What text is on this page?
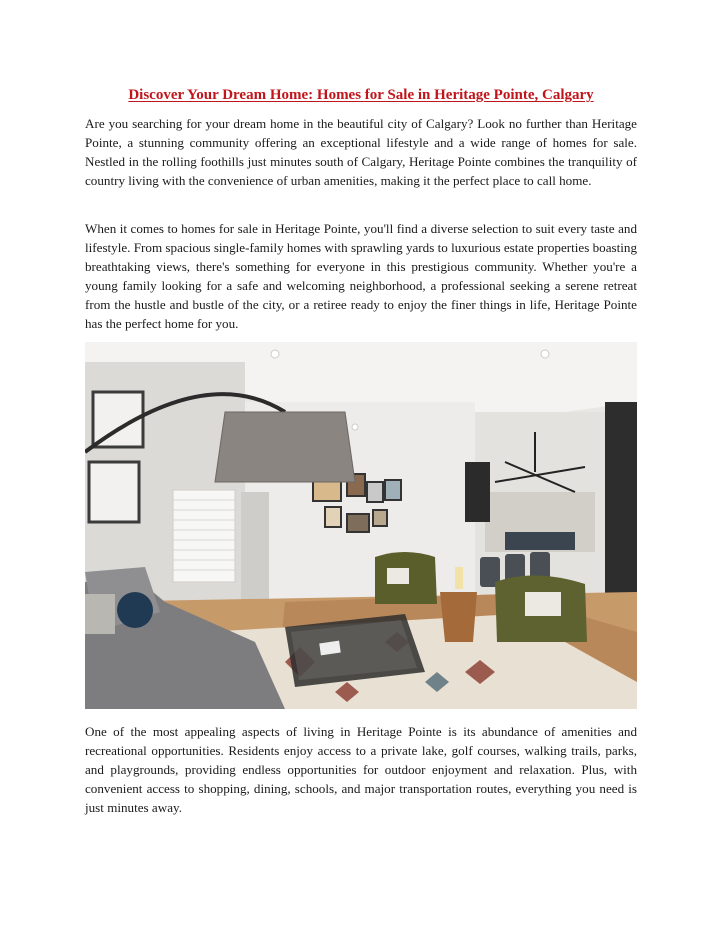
Discover Your Dream Home: Homes for Sale in Heritage Pointe, Calgary

Are you searching for your dream home in the beautiful city of Calgary? Look no further than Heritage Pointe, a stunning community offering an exceptional lifestyle and a wide range of homes for sale. Nestled in the rolling foothills just minutes south of Calgary, Heritage Pointe combines the tranquility of country living with the convenience of urban amenities, making it the perfect place to call home.

When it comes to homes for sale in Heritage Pointe, you'll find a diverse selection to suit every taste and lifestyle. From spacious single-family homes with sprawling yards to luxurious estate properties boasting breathtaking views, there's something for everyone in this prestigious community. Whether you're a young family looking for a safe and welcoming neighborhood, a professional seeking a serene retreat from the hustle and bustle of the city, or a retiree ready to enjoy the finer things in life, Heritage Pointe has the perfect home for you.

One of the most appealing aspects of living in Heritage Pointe is its abundance of amenities and recreational opportunities. Residents enjoy access to a private lake, golf courses, walking trails, parks, and playgrounds, providing endless opportunities for outdoor enjoyment and relaxation. Plus, with convenient access to shopping, dining, schools, and major transportation routes, everything you need is just minutes away.
